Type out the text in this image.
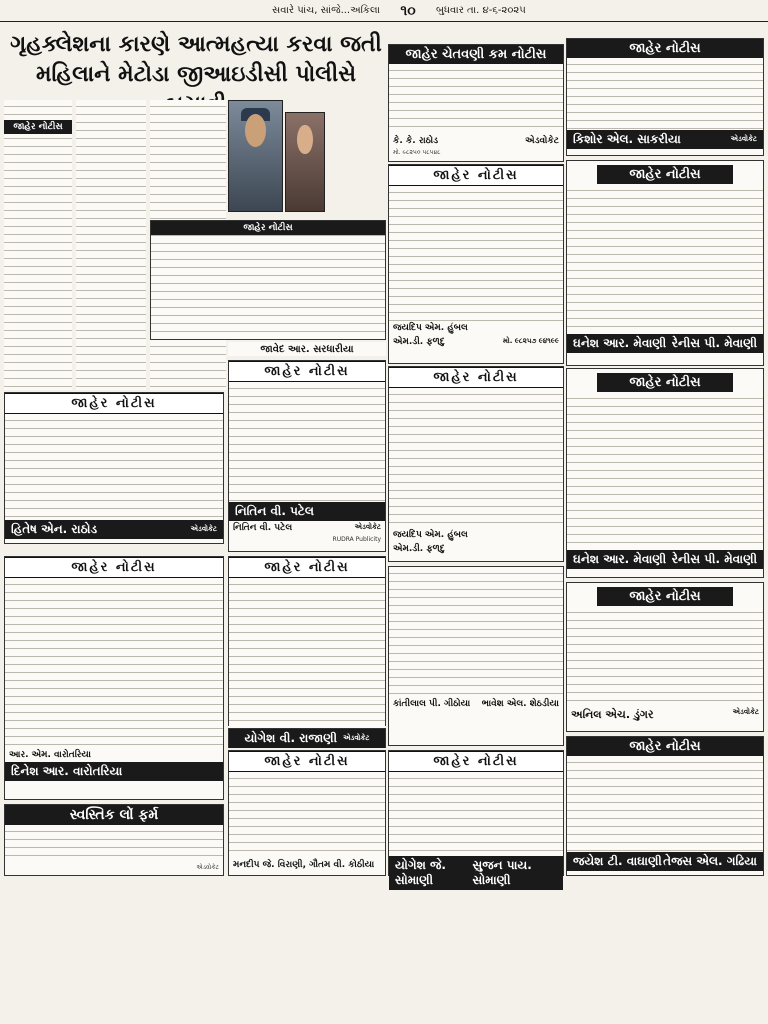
સવારે પાંચ, સાંજે...અકિલા	૧૦	બુધવાર તા. ૪-૬-૨૦૨૫
ગૃહક્લેશના કારણે આત્મહત્યા કરવા જતી
મહિલાને મેટોડા જીઆઇડીસી પોલીસે
જાહેર નોટીસ
જાહેર નોટીસ
જાવેદ આર. સરધારીયા
જાહેર ચેતવણી કમ નોટીસ
કે. કે. રાઠોડ	એડવોકેટ
મો. ૯૮૨૫૦ ૫૮૫૪૮
જાહેર નોટીસ
કિશોર એલ. સાકરીયા	એડવોકેટ
જાહેર નોટીસ
જયદિપ એમ. હુંબલ
એમ.ડી. ફળદુ	મો. ૯૮૨૫૭ ૯૪૧૯૯
જાહેર નોટીસ
ઘનેશ આર. મેવાણી રેનીસ પી. મેવાણી
જાહેર નોટીસ
હિતેષ એન. રાઠોડ	એડવોકેટ
જાહેર નોટીસ
નિતિન વી. પટેલ
નિતિન વી. પટેલ	એડવોકેટ
RUDRA Publicity
જાહેર નોટીસ
જયદિપ એમ. હુંબલ
એમ.ડી. ફળદુ
જાહેર નોટીસ
ઘનેશ આર. મેવાણી રેનીસ પી. મેવાણી
જાહેર નોટીસ
આર. એમ. વારોતરિયા
દિનેશ આર. વારોતરિયા
જાહેર નોટીસ
યોગેશ વી. રાજાણી એડવોકેટ
કાંતીલાલ પી. ગીઠોયા ભાવેશ એલ. શેઠડીયા
જાહેર નોટીસ
અનિલ એચ. ડુંગર	એડવોકેટ
જાહેર નોટીસ
મનદીપ જે. વિરાણી, ગૌતમ વી. કોઠીયા
જાહેર નોટીસ
યોગેશ જે. સોમાણી
સુજન પાય. સોમાણી
જાહેર નોટીસ
જયેશ ટી. વાઘાણી તેજસ એલ. ગઢિયા
સ્વસ્તિક લોં ફર્મ
એડવોકેટ
